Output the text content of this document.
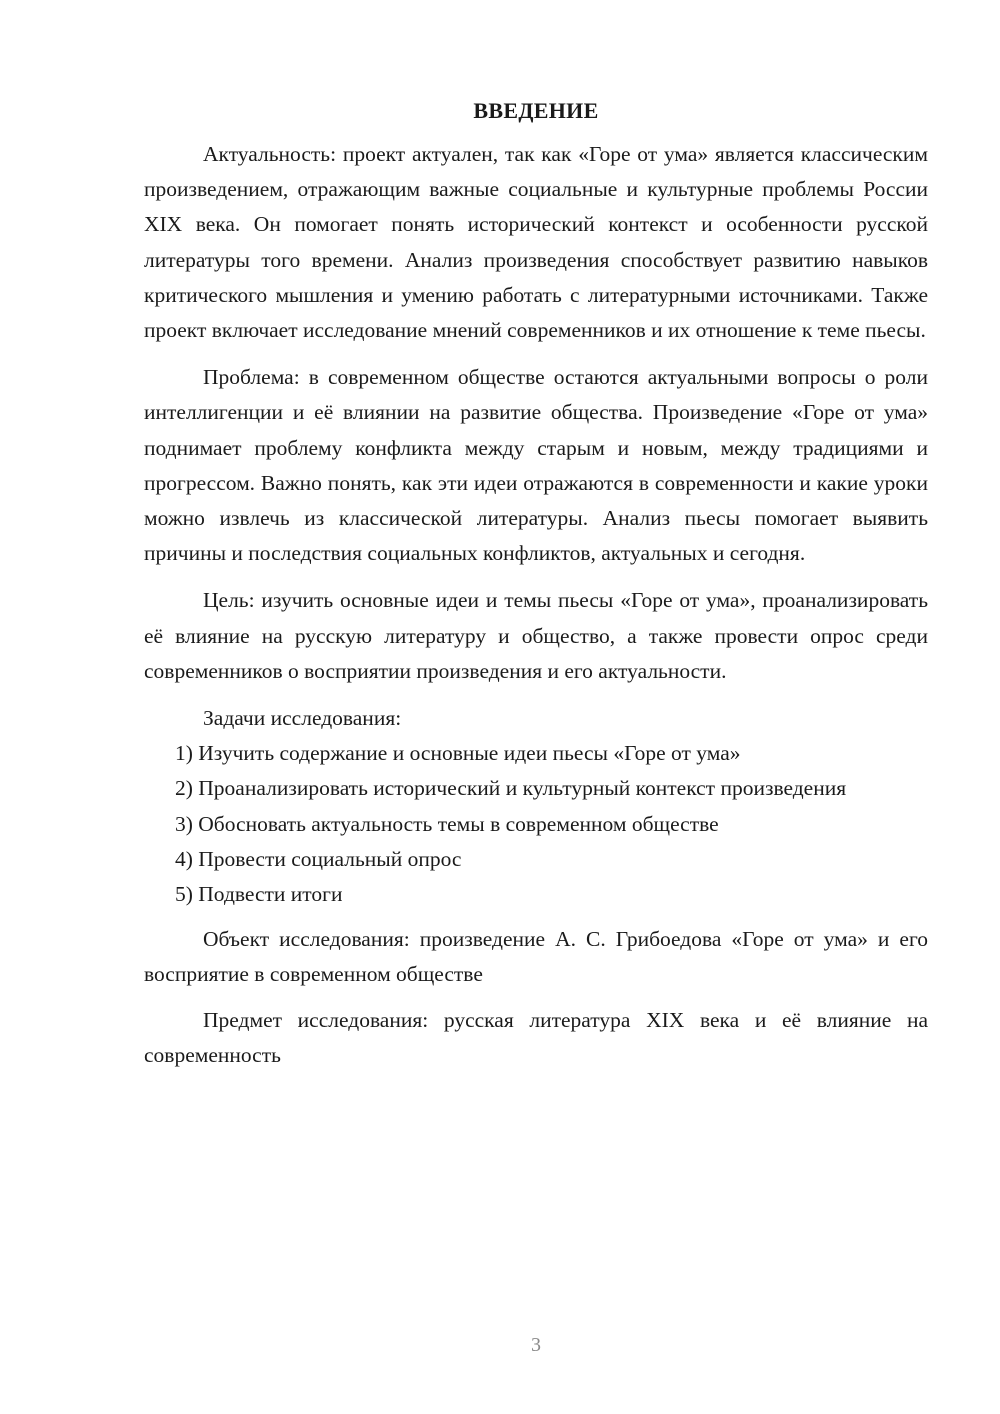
ВВЕДЕНИЕ

Актуальность: проект актуален, так как «Горе от ума» является классическим произведением, отражающим важные социальные и культурные проблемы России XIX века. Он помогает понять исторический контекст и особенности русской литературы того времени. Анализ произведения способствует развитию навыков критического мышления и умению работать с литературными источниками. Также проект включает исследование мнений современников и их отношение к теме пьесы.

Проблема: в современном обществе остаются актуальными вопросы о роли интеллигенции и её влиянии на развитие общества. Произведение «Горе от ума» поднимает проблему конфликта между старым и новым, между традициями и прогрессом. Важно понять, как эти идеи отражаются в современности и какие уроки можно извлечь из классической литературы. Анализ пьесы помогает выявить причины и последствия социальных конфликтов, актуальных и сегодня.

Цель: изучить основные идеи и темы пьесы «Горе от ума», проанализировать её влияние на русскую литературу и общество, а также провести опрос среди современников о восприятии произведения и его актуальности.

Задачи исследования:

1) Изучить содержание и основные идеи пьесы «Горе от ума»

2) Проанализировать исторический и культурный контекст произведения

3) Обосновать актуальность темы в современном обществе

4) Провести социальный опрос

5) Подвести итоги

Объект исследования: произведение А. С. Грибоедова «Горе от ума» и его восприятие в современном обществе

Предмет исследования: русская литература XIX века и её влияние на современность

3
